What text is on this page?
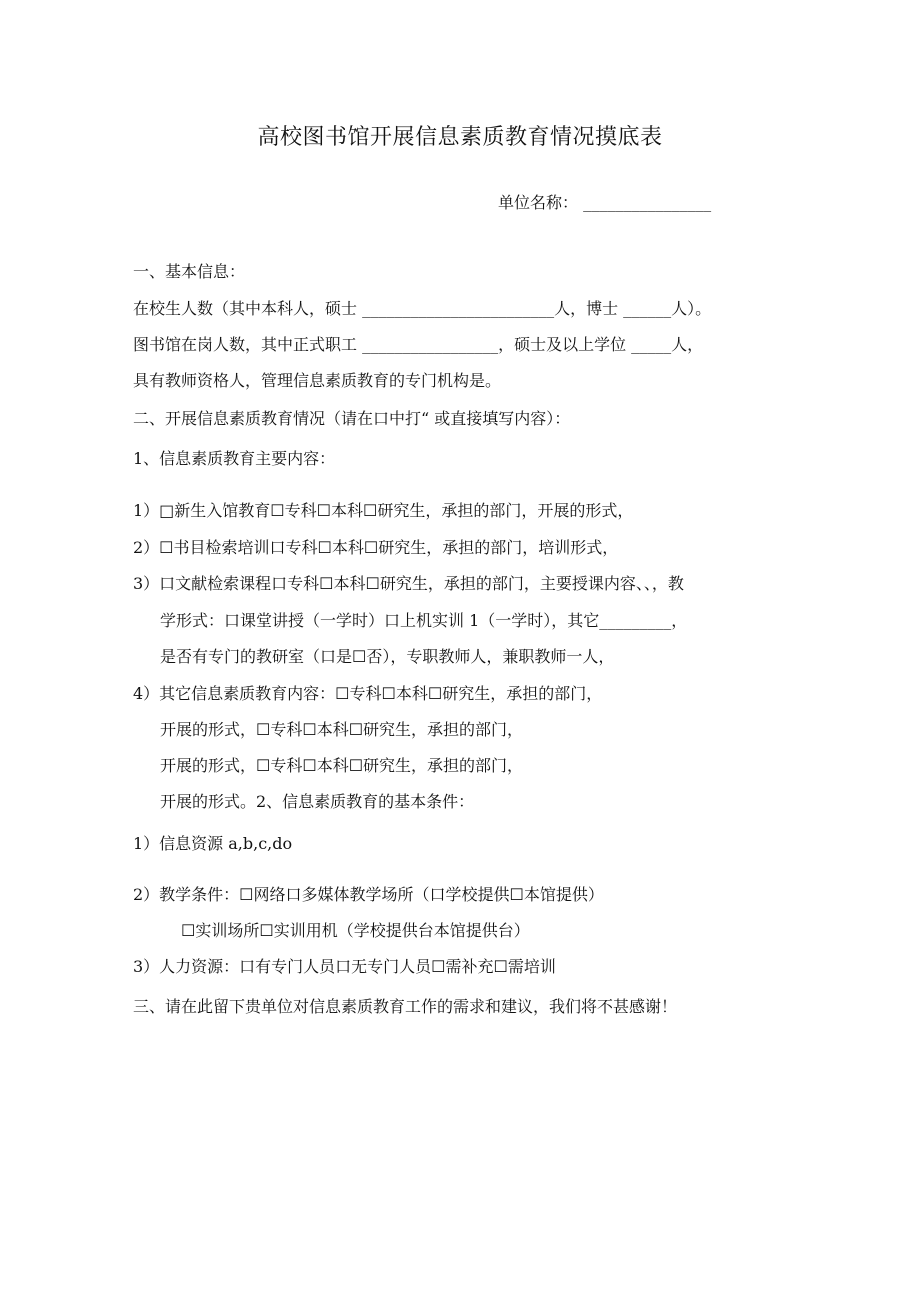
高校图书馆开展信息素质教育情况摸底表
单位名称： ________________
一、基本信息：
在校生人数（其中本科人，硕士 ________________________人，博士 ______人）。
图书馆在岗人数，其中正式职工 _________________，硕士及以上学位 _____人，
具有教师资格人，管理信息素质教育的专门机构是。
二、开展信息素质教育情况（请在口中打“ 或直接填写内容）：
1、信息素质教育主要内容：
1）□新生入馆教育☐专科☐本科☐研究生，承担的部门，开展的形式，
2）☐书目检索培训口专科☐本科☐研究生，承担的部门，培训形式，
3）口文献检索课程口专科☐本科☐研究生，承担的部门，主要授课内容、、，教
学形式：口课堂讲授（一学时）口上机实训 1（一学时），其它_________，
是否有专门的教研室（口是☐否），专职教师人，兼职教师一人，
4）其它信息素质教育内容：☐专科☐本科☐研究生，承担的部门，
开展的形式，☐专科☐本科☐研究生，承担的部门，
开展的形式，☐专科☐本科☐研究生，承担的部门，
开展的形式。2、信息素质教育的基本条件：
1）信息资源 a,b,c,do
2）教学条件：☐网络口多媒体教学场所（口学校提供☐本馆提供）
☐实训场所☐实训用机（学校提供台本馆提供台）
3）人力资源：口有专门人员口无专门人员☐需补充☐需培训
三、请在此留下贵单位对信息素质教育工作的需求和建议，我们将不甚感谢！
